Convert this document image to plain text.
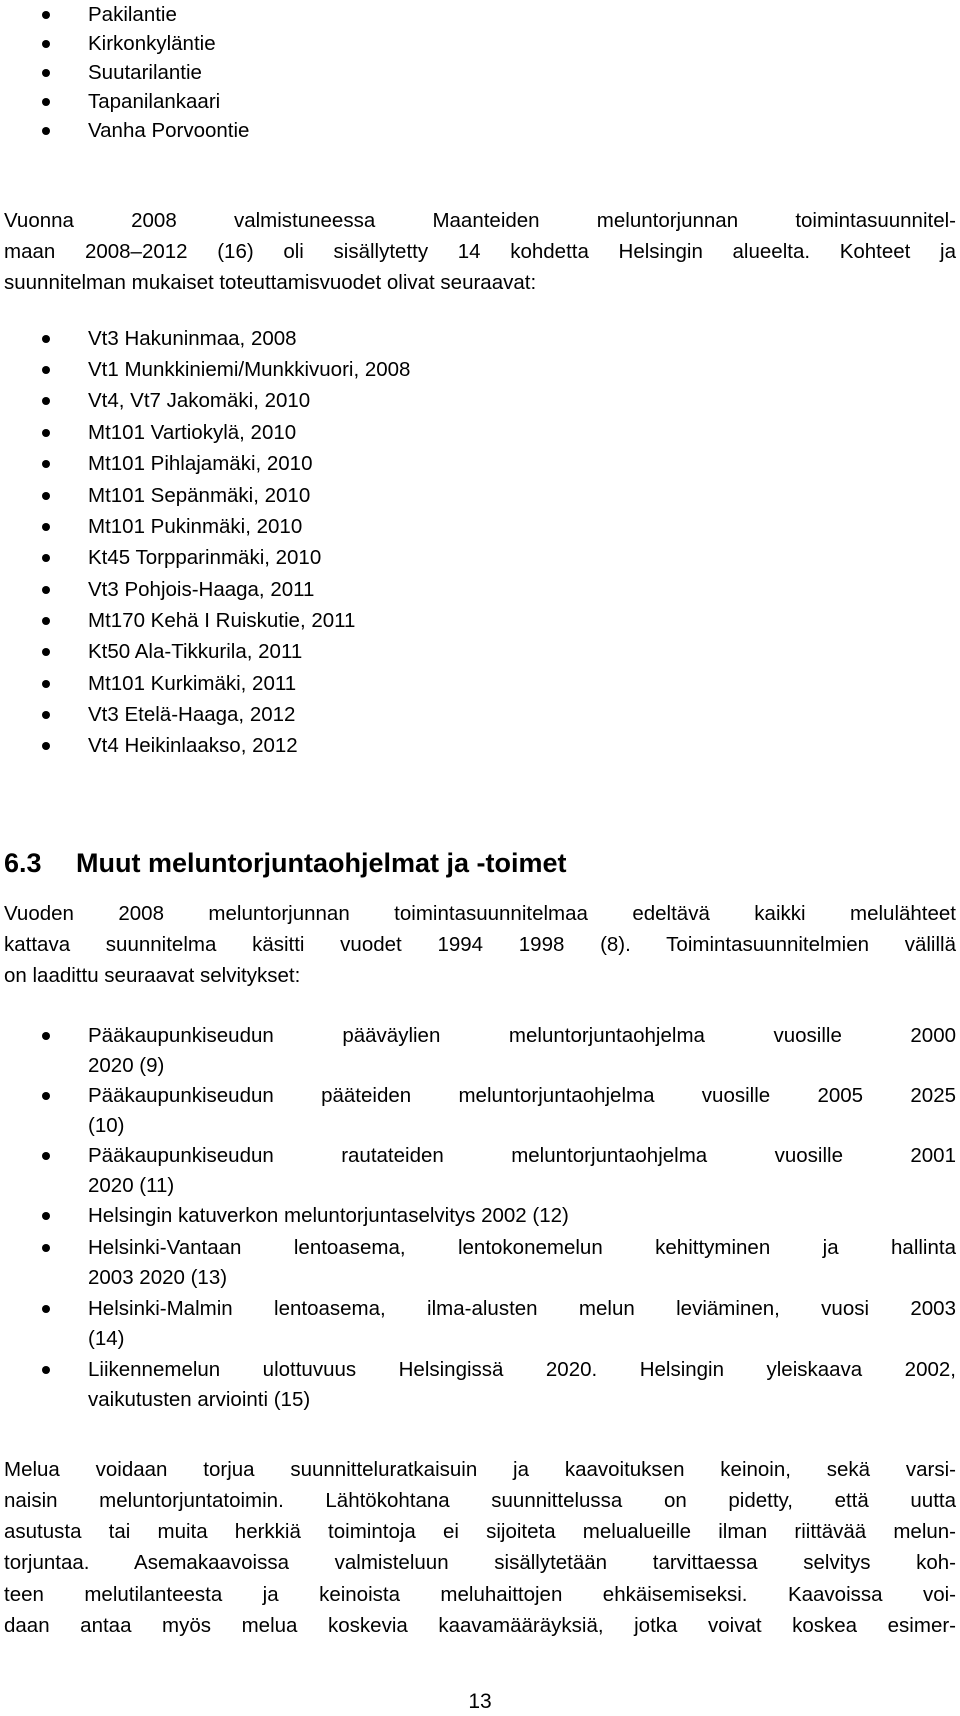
Pakilantie
Kirkonkyläntie
Suutarilantie
Tapanilankaari
Vanha Porvoontie
Vuonna 2008 valmistuneessa Maanteiden meluntorjunnan toimintasuunnitel-
maan 2008–2012 (16) oli sisällytetty 14 kohdetta Helsingin alueelta. Kohteet ja
suunnitelman mukaiset toteuttamisvuodet olivat seuraavat:
Vt3 Hakuninmaa, 2008
Vt1 Munkkiniemi/Munkkivuori, 2008
Vt4, Vt7 Jakomäki, 2010
Mt101 Vartiokylä, 2010
Mt101 Pihlajamäki, 2010
Mt101 Sepänmäki, 2010
Mt101 Pukinmäki, 2010
Kt45 Torpparinmäki, 2010
Vt3 Pohjois-Haaga, 2011
Mt170 Kehä I Ruiskutie, 2011
Kt50 Ala-Tikkurila, 2011
Mt101 Kurkimäki, 2011
Vt3 Etelä-Haaga, 2012
Vt4 Heikinlaakso, 2012
6.3 Muut meluntorjuntaohjelmat ja -toimet
Vuoden 2008 meluntorjunnan toimintasuunnitelmaa edeltävä kaikki melulähteet
kattava suunnitelma käsitti vuodet 1994 1998 (8). Toimintasuunnitelmien välillä
on laadittu seuraavat selvitykset:
Pääkaupunkiseudun pääväylien meluntorjuntaohjelma vuosille 2000
2020 (9)
Pääkaupunkiseudun pääteiden meluntorjuntaohjelma vuosille 2005 2025
(10)
Pääkaupunkiseudun rautateiden meluntorjuntaohjelma vuosille 2001
2020 (11)
Helsingin katuverkon meluntorjuntaselvitys 2002 (12)
Helsinki-Vantaan lentoasema, lentokonemelun kehittyminen ja hallinta
2003 2020 (13)
Helsinki-Malmin lentoasema, ilma-alusten melun leviäminen, vuosi 2003
(14)
Liikennemelun ulottuvuus Helsingissä 2020. Helsingin yleiskaava 2002,
vaikutusten arviointi (15)
Melua voidaan torjua suunnitteluratkaisuin ja kaavoituksen keinoin, sekä varsi-
naisin meluntorjuntatoimin. Lähtökohtana suunnittelussa on pidetty, että uutta
asutusta tai muita herkkiä toimintoja ei sijoiteta melualueille ilman riittävää melun-
torjuntaa. Asemakaavoissa valmisteluun sisällytetään tarvittaessa selvitys koh-
teen melutilanteesta ja keinoista meluhaittojen ehkäisemiseksi. Kaavoissa voi-
daan antaa myös melua koskevia kaavamääräyksiä, jotka voivat koskea esimer-
13
